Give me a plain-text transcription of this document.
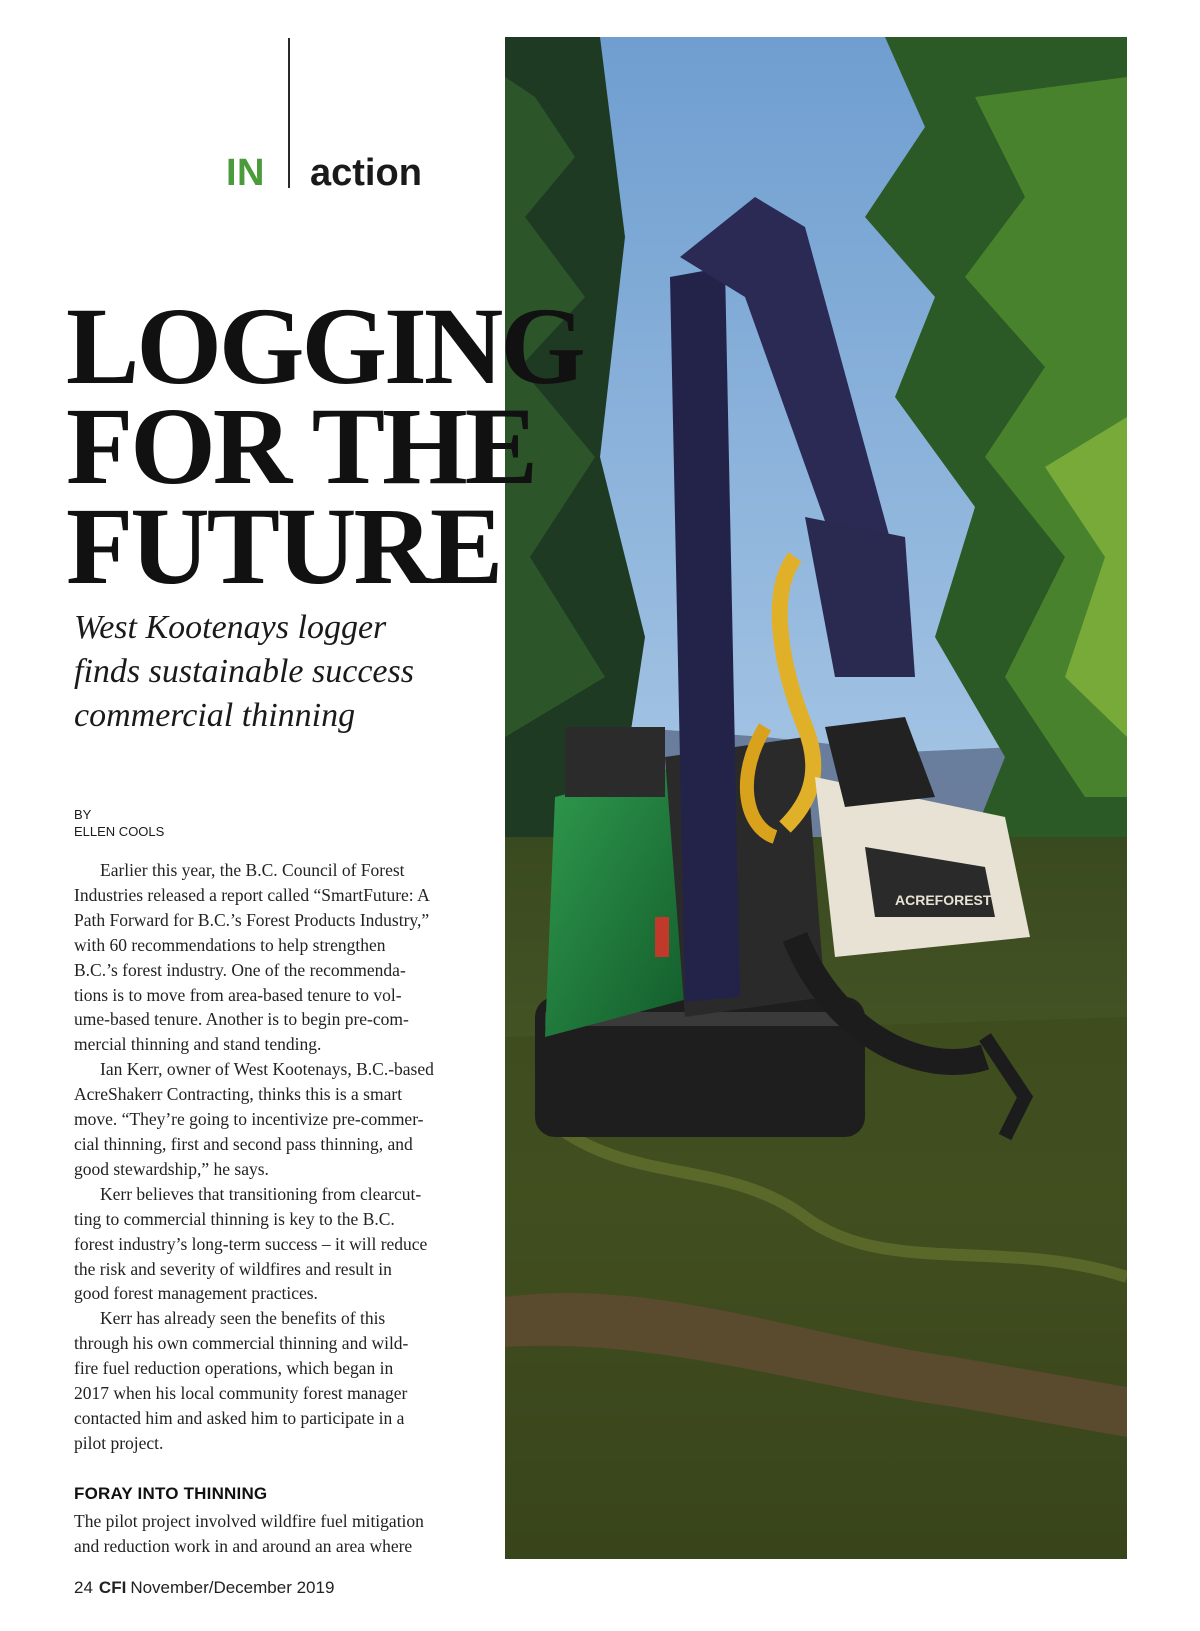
IN action
ACREFOREST
LOGGING
FOR THE
FUTURE

West Kootenays logger
finds sustainable success
commercial thinning

BY
ELLEN COOLS
Earlier this year, the B.C. Council of Forest
Industries released a report called “SmartFuture: A
Path Forward for B.C.’s Forest Products Industry,”
with 60 recommendations to help strengthen
B.C.’s forest industry. One of the recommenda-
tions is to move from area-based tenure to vol-
ume-based tenure. Another is to begin pre-com-
mercial thinning and stand tending.
Ian Kerr, owner of West Kootenays, B.C.-based
AcreShakerr Contracting, thinks this is a smart
move. “They’re going to incentivize pre-commer-
cial thinning, first and second pass thinning, and
good stewardship,” he says.
Kerr believes that transitioning from clearcut-
ting to commercial thinning is key to the B.C.
forest industry’s long-term success – it will reduce
the risk and severity of wildfires and result in
good forest management practices.
Kerr has already seen the benefits of this
through his own commercial thinning and wild-
fire fuel reduction operations, which began in
2017 when his local community forest manager
contacted him and asked him to participate in a
pilot project.
FORAY INTO THINNING
The pilot project involved wildfire fuel mitigation
and reduction work in and around an area where
24 CFI November/December 2019
